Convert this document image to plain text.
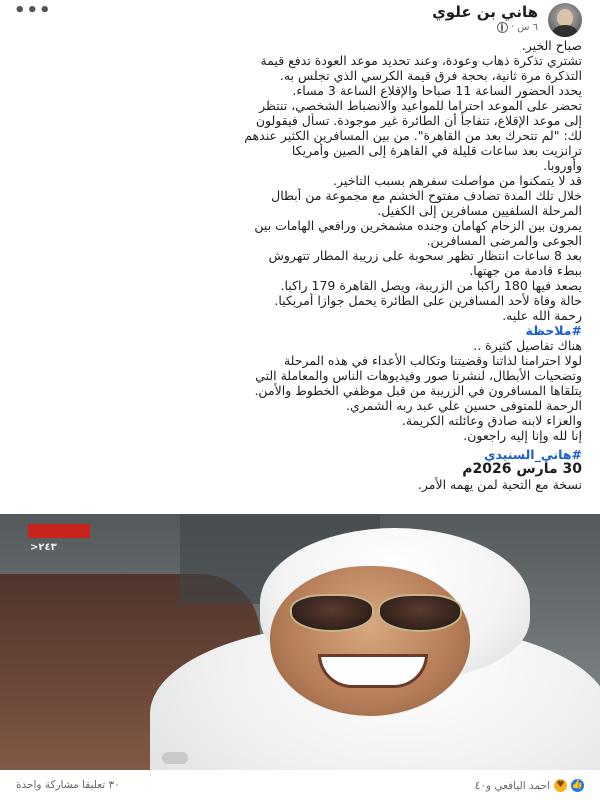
•••	هاني بن علوي
٦ س
·

صباح الخير.

تشتري تذكرة ذهاب وعودة، وعند تحديد موعد العودة تدفع قيمة

التذكرة مرة ثانية، بحجة فرق قيمة الكرسي الذي تجلس به.

يحدد الحضور الساعة 11 صباحا والإقلاع الساعة 3 مساء.

تحضر على الموعد احتراما للمواعيد والانضباط الشخصي، تنتظر

إلى موعد الإقلاع، تتفاجأ أن الطائرة غير موجودة. تسأل فيقولون

لك: "لم تتحرك بعد من القاهرة". من بين المسافرين الكثير عندهم

ترانزيت بعد ساعات قليلة في القاهرة إلى الصين وأمريكا

وأوروبا.

قد لا يتمكنوا من مواصلت سفرهم بسبب التاخير.

خلال تلك المدة تصادف مفتوح الخشم مع مجموعة من أبطال

المرحلة السلفيين مسافرين إلى الكفيل.

يمرون بين الزحام كهامان وجنده مشمخرين ورافعي الهامات بين

الجوعى والمرضى المسافرين.

بعد 8 ساعات انتظار تظهر سحوبة على زريبة المطار تتهروش

ببطء قادمة من جهتها.

يصعد فيها 180 راكبا من الزريبة، ويصل القاهرة 179 راكبا.

حالة وفاة لأحد المسافرين على الطائرة يحمل جوازا أمريكيا.

رحمة الله عليه.

#ملاحظة

هناك تفاصيل كثيرة ..

لولا احترامنا لذاتنا وقضيتنا وتكالب الأعداء في هذه المرحلة

وتضحيات الأبطال، لنشرنا صور وفيديوهات الناس والمعاملة التي

يتلقاها المسافرون في الزريبة من قبل موظفي الخطوط والأمن.

الرحمة للمتوفى حسين علي عبد ربه الشمري.

والعزاء لابنه صادق وعائلته الكريمة.

إنا لله وإنا إليه راجعون.

#هاني_السنيدي

30 مارس 2026م

نسخة مع التحية لمن يهمه الأمر.

>٢٤٣
👍
♥
احمد اليافعي و٤٠
٣٠ تعليقا مشاركة واحدة
